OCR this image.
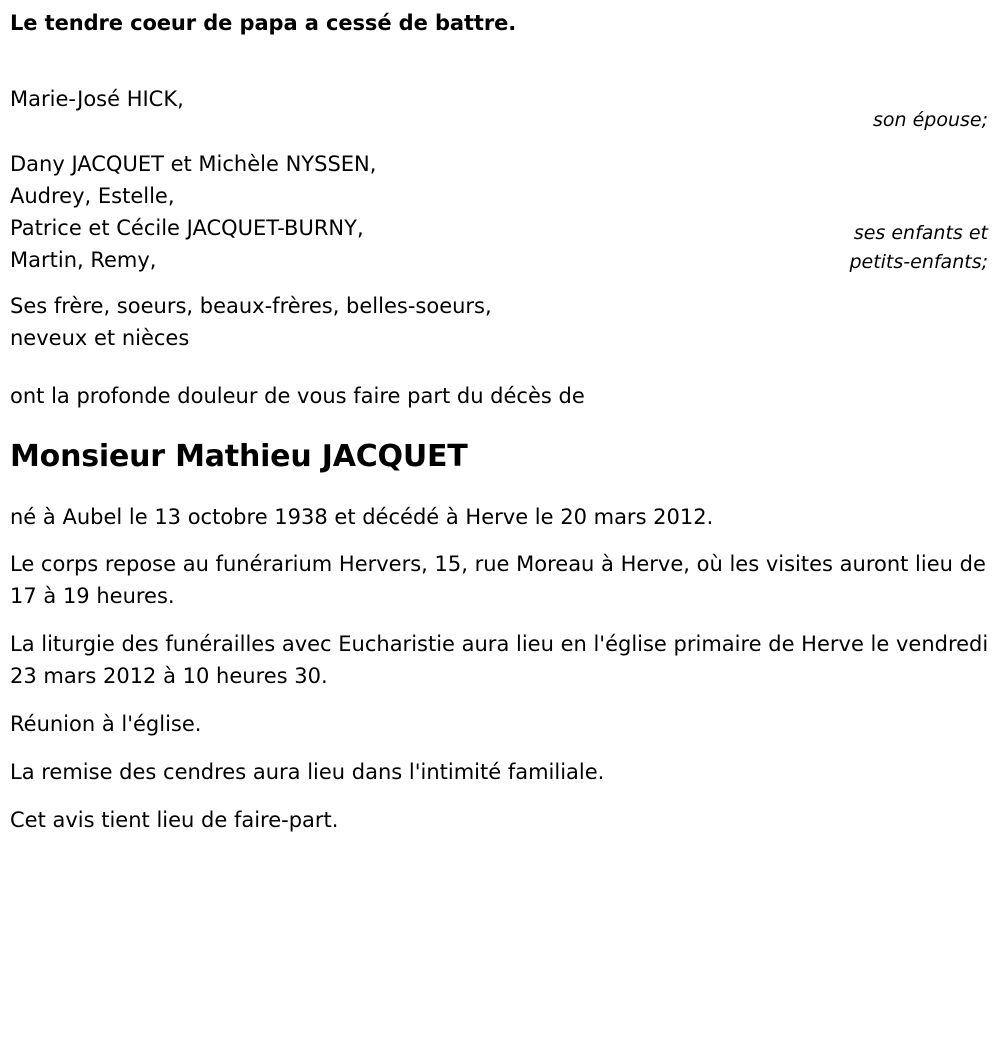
Le tendre coeur de papa a cessé de battre.

Marie-José HICK,
son épouse;
Dany JACQUET et Michèle NYSSEN,
Audrey, Estelle,
Patrice et Cécile JACQUET-BURNY,
Martin, Remy,
ses enfants et
petits-enfants;
Ses frère, soeurs, beaux-frères, belles-soeurs,
neveux et nièces

ont la profonde douleur de vous faire part du décès de

Monsieur Mathieu JACQUET

né à Aubel le 13 octobre 1938 et décédé à Herve le 20 mars 2012.

Le corps repose au funérarium Hervers, 15, rue Moreau à Herve, où les visites auront lieu de 17 à 19 heures.

La liturgie des funérailles avec Eucharistie aura lieu en l'église primaire de Herve le vendredi 23 mars 2012 à 10 heures 30.

Réunion à l'église.

La remise des cendres aura lieu dans l'intimité familiale.

Cet avis tient lieu de faire-part.
